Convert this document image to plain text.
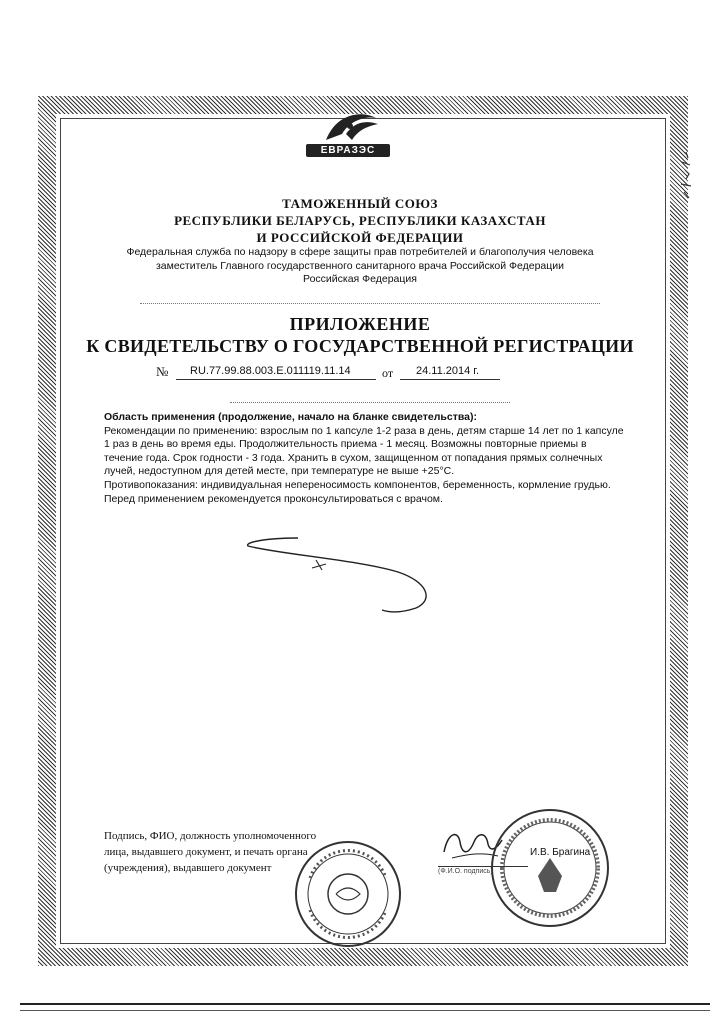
ЕВРАЗЭС
ТАМОЖЕННЫЙ СОЮЗ
РЕСПУБЛИКИ БЕЛАРУСЬ, РЕСПУБЛИКИ КАЗАХСТАН
И РОССИЙСКОЙ ФЕДЕРАЦИИ
Федеральная служба по надзору в сфере защиты прав потребителей и благополучия человека
заместитель Главного государственного санитарного врача Российской Федерации
Российская Федерация
ПРИЛОЖЕНИЕ
К СВИДЕТЕЛЬСТВУ О ГОСУДАРСТВЕННОЙ РЕГИСТРАЦИИ
№ RU.77.99.88.003.E.011119.11.14	от 24.11.2014 г.

Область применения (продолжение, начало на бланке свидетельства):

Рекомендации по применению: взрослым по 1 капсуле 1-2 раза в день, детям старше 14 лет по 1 капсуле 1 раз в день во время еды. Продолжительность приема - 1 месяц. Возможны повторные приемы в течение года. Срок годности - 3 года. Хранить в сухом, защищенном от попадания прямых солнечных лучей, недоступном для детей месте, при температуре не выше +25°С.

Противопоказания: индивидуальная непереносимость компонентов, беременность, кормление грудью. Перед применением рекомендуется проконсультироваться с врачом.

Подпись, ФИО, должность уполномоченного

лица, выдавшего документ, и печать органа

(учреждения), выдавшего документ

И.В. Брагина
(Ф.И.О. подпись)
